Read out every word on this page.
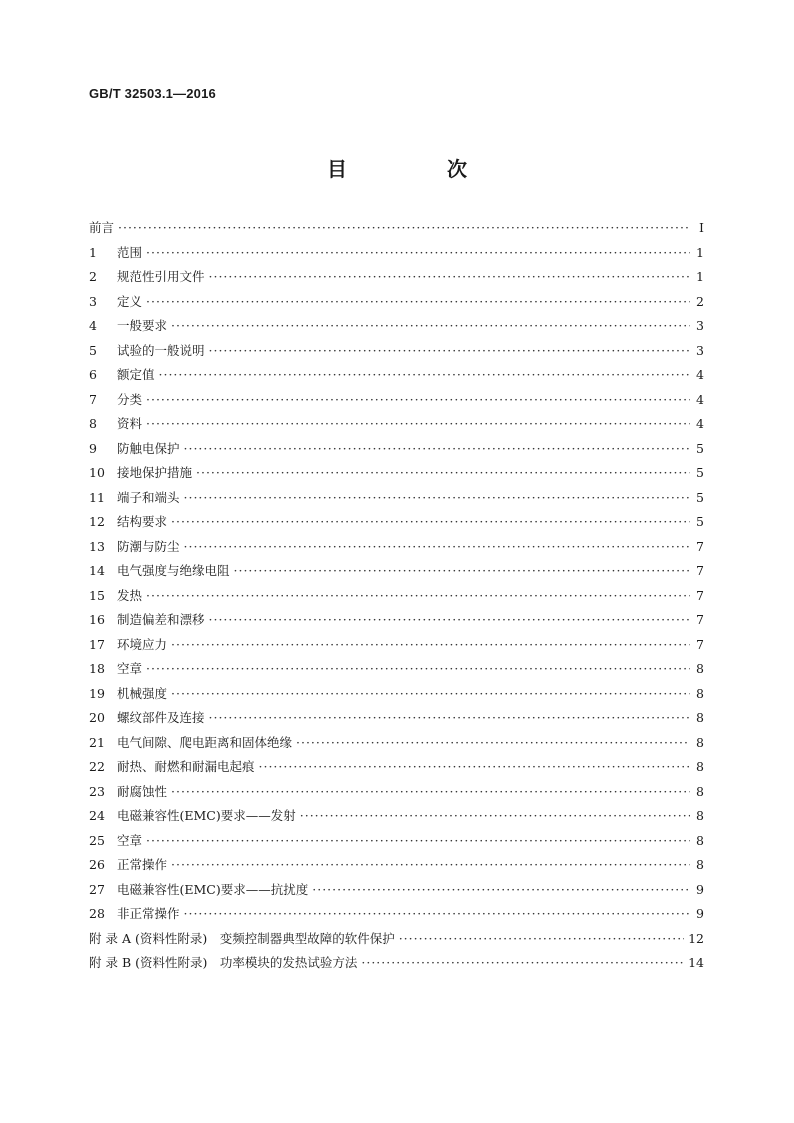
GB/T 32503.1—2016
目　次
前言 ·····	I
1	范围 ·····	1
2	规范性引用文件 ·····	1
3	定义 ·····	2
4	一般要求 ·····	3
5	试验的一般说明 ·····	3
6	额定值 ·····	4
7	分类 ·····	4
8	资料 ·····	4
9	防触电保护 ·····	5
10 接地保护措施 ·····	5
11 端子和端头 ·····	5
12 结构要求 ·····	5
13 防潮与防尘 ·····	7
14 电气强度与绝缘电阻 ·····	7
15 发热 ·····	7
16 制造偏差和漂移 ·····	7
17 环境应力 ·····	7
18 空章 ·····	8
19 机械强度 ·····	8
20 螺纹部件及连接 ·····	8
21 电气间隙、爬电距离和固体绝缘 ·····	8
22 耐热、耐燃和耐漏电起痕 ·····	8
23 耐腐蚀性 ·····	8
24 电磁兼容性(EMC)要求——发射 ·····	8
25 空章 ·····	8
26 正常操作 ·····	8
27 电磁兼容性(EMC)要求——抗扰度 ·····	9
28 非正常操作 ·····	9
附 录 A (资料性附录)　变频控制器典型故障的软件保护 ·····	12
附 录 B (资料性附录)　功率模块的发热试验方法 ·····	14
